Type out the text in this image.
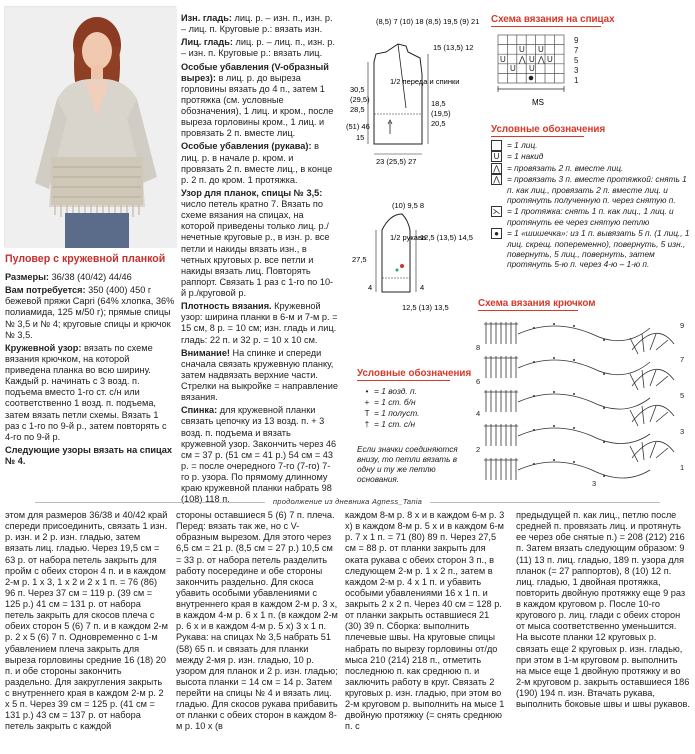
Пуловер с кружевной планкой

Размеры: 36/38 (40/42) 44/46

Вам потребуется: 350 (400) 450 г бежевой пряжи Capri (64% хлопка, 36% полиамида, 125 м/50 г); прямые спицы № 3,5 и № 4; круговые спицы и крючок № 3,5.

Кружевной узор: вязать по схеме вязания крючком, на которой приведена планка во всю ширину. Каждый р. начинать с 3 возд. п. подъема вместо 1-го ст. с/н или соответственно 1 возд. п. подъема, затем вязать петли схемы. Вязать 1 раз с 1-го по 9-й р., затем повторять с 4-го по 9-й р.

Следующие узоры вязать на спицах № 4.

Изн. гладь: лиц. р. – изн. п., изн. р. – лиц. п. Круговые р.: вязать изн.

Лиц. гладь: лиц. р. – лиц. п., изн. р. – изн. п. Круговые р.: вязать лиц.

Особые убавления (V-образный вырез): в лиц. р. до выреза горловины вязать до 4 п., затем 1 протяжка (см. условные обозначения), 1 лиц. и кром., после выреза горловины кром., 1 лиц. и провязать 2 п. вместе лиц.

Особые убавления (рукава): в лиц. р. в начале р. кром. и провязать 2 п. вместе лиц., в конце р. 2 п. до кром. 1 протяжка.

Узор для планок, спицы № 3,5: число петель кратно 7. Вязать по схеме вязания на спицах, на которой приведены только лиц. р./нечетные круговые р., в изн. р. все петли и накиды вязать изн., в четных круговых р. все петли и накиды вязать лиц. Повторять раппорт. Связать 1 раз с 1-го по 10-й р./круговой р.

Плотность вязания. Кружевной узор: ширина планки в 6-м и 7-м р. = 15 см, 8 р. = 10 см; изн. гладь и лиц. гладь: 22 п. и 32 р. = 10 х 10 см.

Внимание! На спинке и спереди сначала связать кружевную планку, затем надвязать верхние части. Стрелки на выкройке = направление вязания.

Спинка: для кружевной планки связать цепочку из 13 возд. п. + 3 возд. п. подъема и вязать кружевной узор. Закончить через 46 см = 37 р. (51 см = 41 р.) 54 см = 43 р. = после очередного 7-го (7-го) 7-го р. узора. По прямому длинному краю кружевной планки набрать 98 (108) 118 п.

1/2 переда и спинки
(8,5) 7 (10) 18 (8,5) 19,5 (9) 21
15 (13,5) 12
30,5
(29,5)
28,5
18,5
(19,5)
20,5
15
23 (25,5) 27
(51) 46
1/2 рукава
(10) 9,5 8
12,5 (13,5) 14,5
27,5
4
12,5 (13) 13,5
4
Условные обозначения
• = 1 возд. п.
+ = 1 ст. б/н
T = 1 полуст.
† = 1 ст. с/н
Если значки соединяются внизу, то петли вязать в одну и ту же петлю основания.
Схема вязания на спицах
U	U U
U U
U U
⋀ ⋀
MS
9
7
5
3
1
Условные обозначения
= 1 лиц.
U = 1 накид
⋀ = провязать 2 п. вместе лиц.
⋀ = провязать 3 п. вместе протяжкой: снять 1 п. как лиц., провязать 2 п. вместе лиц. и протянуть полученную п. через снятую п.
⋋ = 1 протяжка: снять 1 п. как лиц., 1 лиц. и протянуть ее через снятую петлю
● = 1 «шишечка»: из 1 п. вывязать 5 п. (1 лиц., 1 лиц. скрещ. попеременно), повернуть, 5 изн., повернуть, 5 лиц., повернуть, затем протянуть 5-ю п. через 4-ю – 1-ю п.
Схема вязания крючком
8
6
4
2
9
7
5
3
1
3
продолжение из дневника Agness_Tania

этом для размеров 36/38 и 40/42 край спереди присоединить, связать 1 изн. р. изн. и 2 р. изн. гладью, затем вязать лиц. гладью. Через 19,5 см = 63 р. от набора петель закрыть для пройм с обеих сторон 4 п. и в каждом 2-м р. 1 х 3, 1 х 2 и 2 х 1 п. = 76 (86) 96 п. Через 37 см = 119 р. (39 см = 125 р.) 41 см = 131 р. от набора петель закрыть для скосов плеча с обеих сторон 5 (6) 7 п. и в каждом 2-м р. 2 х 5 (6) 7 п. Одновременно с 1-м убавлением плеча закрыть для выреза горловины средние 16 (18) 20 п. и обе стороны закончить раздельно. Для закругления закрыть с внутреннего края в каждом 2-м р. 2 х 5 п. Через 39 см = 125 р. (41 см = 131 р.) 43 см = 137 р. от набора петель закрыть с каждой

стороны оставшиеся 5 (6) 7 п. плеча. Перед: вязать так же, но с V-образным вырезом. Для этого через 6,5 см = 21 р. (8,5 см = 27 р.) 10,5 см = 33 р. от набора петель разделить работу посередине и обе стороны закончить раздельно. Для скоса убавить особыми убавлениями с внутреннего края в каждом 2-м р. 3 х, в каждом 4-м р. 6 х 1 п. (в каждом 2-м р. 6 х и в каждом 4-м р. 5 х) 3 х 1 п. Рукава: на спицах № 3,5 набрать 51 (58) 65 п. и связать для планки между 2-мя р. изн. гладью, 10 р. узором для планок и 2 р. изн. гладью; высота планки = 14 см = 14 р. Затем перейти на спицы № 4 и вязать лиц. гладью. Для скосов рукава прибавить от планки с обеих сторон в каждом 8-м р. 10 х (в

каждом 8-м р. 8 х и в каждом 6-м р. 3 х) в каждом 8-м р. 5 х и в каждом 6-м р. 7 х 1 п. = 71 (80) 89 п. Через 27,5 см = 88 р. от планки закрыть для оката рукава с обеих сторон 3 п., в следующем 2-м р. 1 х 2 п., затем в каждом 2-м р. 4 х 1 п. и убавить особыми убавлениями 16 х 1 п. и закрыть 2 х 2 п. Через 40 см = 128 р. от планки закрыть оставшиеся 21 (30) 39 п. Сборка: выполнить плечевые швы. На круговые спицы набрать по вырезу горловины от/до мыса 210 (214) 218 п., отметить последнюю п. как среднюю п. и заключить работу в круг. Связать 2 круговых р. изн. гладью, при этом во 2-м круговом р. выполнить на мысе 1 двойную протяжку (= снять среднюю п. с

предыдущей п. как лиц., петлю после средней п. провязать лиц. и протянуть ее через обе снятые п.) = 208 (212) 216 п. Затем вязать следующим образом: 9 (11) 13 п. лиц. гладью, 189 п. узора для планок (= 27 раппортов), 8 (10) 12 п. лиц. гладью, 1 двойная протяжка, повторить двойную протяжку еще 9 раз в каждом круговом р. После 10-го кругового р. лиц. глади с обеих сторон от мыса соответственно уменьшится. На высоте планки 12 круговых р. связать еще 2 круговых р. изн. гладью, при этом в 1-м круговом р. выполнить на мысе еще 1 двойную протяжку и во 2-м круговом р. закрыть оставшиеся 186 (190) 194 п. изн. Втачать рукава, выполнить боковые швы и швы рукавов.
